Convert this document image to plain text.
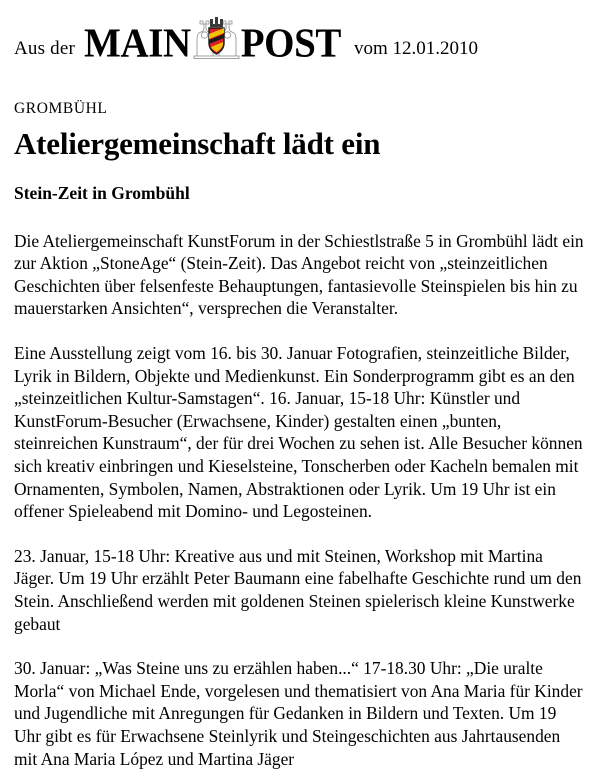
Aus der MAIN POST vom 12.01.2010
GROMBÜHL
Ateliergemeinschaft lädt ein
Stein-Zeit in Grombühl

Die Ateliergemeinschaft KunstForum in der Schiestlstraße 5 in Grombühl lädt ein zur Aktion „StoneAge“ (Stein-Zeit). Das Angebot reicht von „steinzeitlichen Geschichten über felsenfeste Behauptungen, fantasievolle Steinspielen bis hin zu mauerstarken Ansichten“, versprechen die Veranstalter.

Eine Ausstellung zeigt vom 16. bis 30. Januar Fotografien, steinzeitliche Bilder, Lyrik in Bildern, Objekte und Medienkunst. Ein Sonderprogramm gibt es an den „steinzeitlichen Kultur-Samstagen“. 16. Januar, 15-18 Uhr: Künstler und KunstForum-Besucher (Erwachsene, Kinder) gestalten einen „bunten, steinreichen Kunstraum“, der für drei Wochen zu sehen ist. Alle Besucher können sich kreativ einbringen und Kieselsteine, Tonscherben oder Kacheln bemalen mit Ornamenten, Symbolen, Namen, Abstraktionen oder Lyrik. Um 19 Uhr ist ein offener Spieleabend mit Domino- und Legosteinen.

23. Januar, 15-18 Uhr: Kreative aus und mit Steinen, Workshop mit Martina Jäger. Um 19 Uhr erzählt Peter Baumann eine fabelhafte Geschichte rund um den Stein. Anschließend werden mit goldenen Steinen spielerisch kleine Kunstwerke gebaut

30. Januar: „Was Steine uns zu erzählen haben...“ 17-18.30 Uhr: „Die uralte Morla“ von Michael Ende, vorgelesen und thematisiert von Ana Maria für Kinder und Jugendliche mit Anregungen für Gedanken in Bildern und Texten. Um 19 Uhr gibt es für Erwachsene Steinlyrik und Steingeschichten aus Jahrtausenden mit Ana Maria López und Martina Jäger
